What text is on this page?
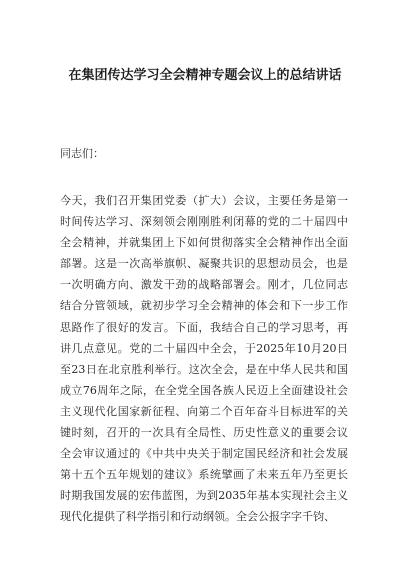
在集团传达学习全会精神专题会议上的总结讲话
同志们：
今天，我们召开集团党委（扩大）会议，主要任务是第一
时间传达学习、深刻领会刚刚胜利闭幕的党的二十届四中
全会精神，并就集团上下如何贯彻落实全会精神作出全面
部署。这是一次高举旗帜、凝聚共识的思想动员会，也是
一次明确方向、激发干劲的战略部署会。刚才，几位同志
结合分管领域，就初步学习全会精神的体会和下一步工作
思路作了很好的发言。下面，我结合自己的学习思考，再
讲几点意见。党的二十届四中全会，于2025年10月20日
至23日在北京胜利举行。这次全会，是在中华人民共和国
成立76周年之际，在全党全国各族人民迈上全面建设社会
主义现代化国家新征程、向第二个百年奋斗目标进军的关
键时刻，召开的一次具有全局性、历史性意义的重要会议
全会审议通过的《中共中央关于制定国民经济和社会发展
第十五个五年规划的建议》系统擘画了未来五年乃至更长
时期我国发展的宏伟蓝图，为到2035年基本实现社会主义
现代化提供了科学指引和行动纲领。全会公报字字千钧、
